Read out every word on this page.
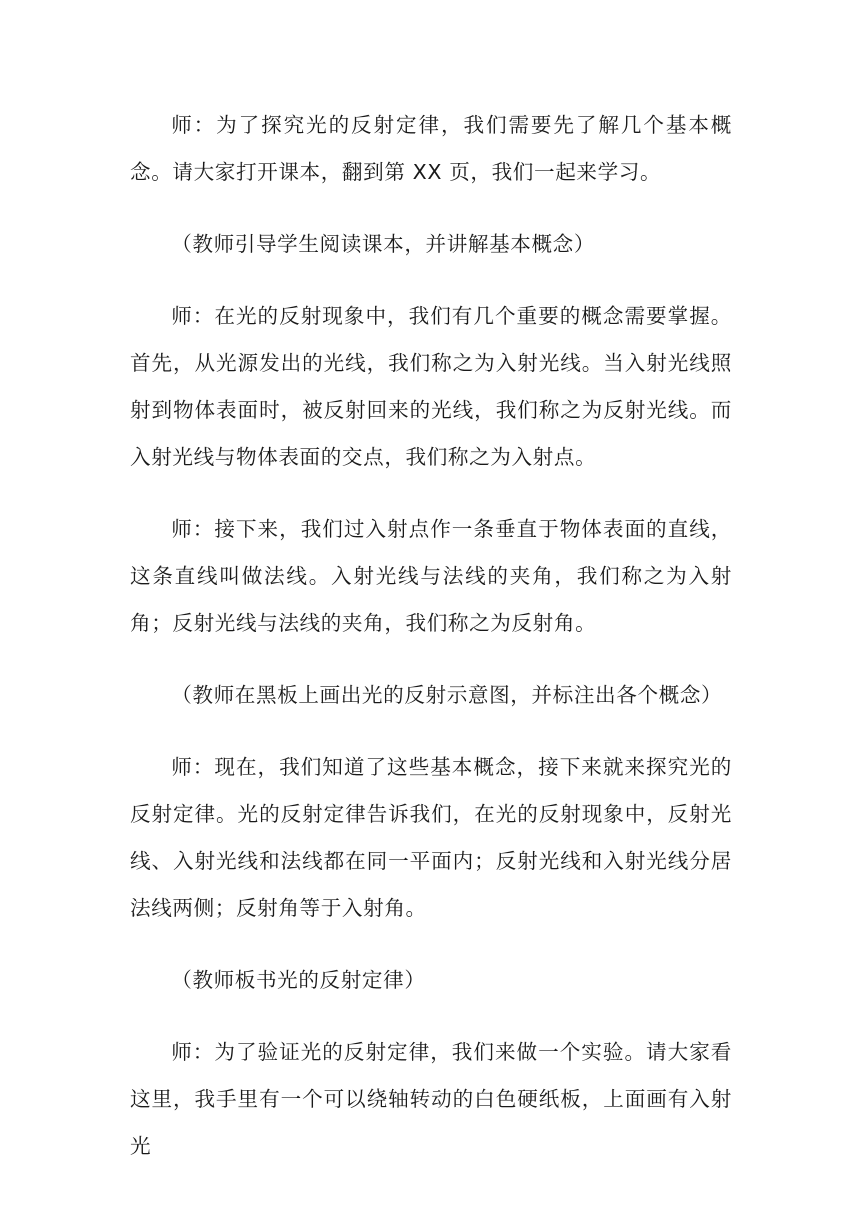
师：为了探究光的反射定律，我们需要先了解几个基本概念。请大家打开课本，翻到第 XX 页，我们一起来学习。

（教师引导学生阅读课本，并讲解基本概念）

师：在光的反射现象中，我们有几个重要的概念需要掌握。首先，从光源发出的光线，我们称之为入射光线。当入射光线照射到物体表面时，被反射回来的光线，我们称之为反射光线。而入射光线与物体表面的交点，我们称之为入射点。

师：接下来，我们过入射点作一条垂直于物体表面的直线，这条直线叫做法线。入射光线与法线的夹角，我们称之为入射角；反射光线与法线的夹角，我们称之为反射角。

（教师在黑板上画出光的反射示意图，并标注出各个概念）

师：现在，我们知道了这些基本概念，接下来就来探究光的反射定律。光的反射定律告诉我们，在光的反射现象中，反射光线、入射光线和法线都在同一平面内；反射光线和入射光线分居法线两侧；反射角等于入射角。

（教师板书光的反射定律）

师：为了验证光的反射定律，我们来做一个实验。请大家看这里，我手里有一个可以绕轴转动的白色硬纸板，上面画有入射光
